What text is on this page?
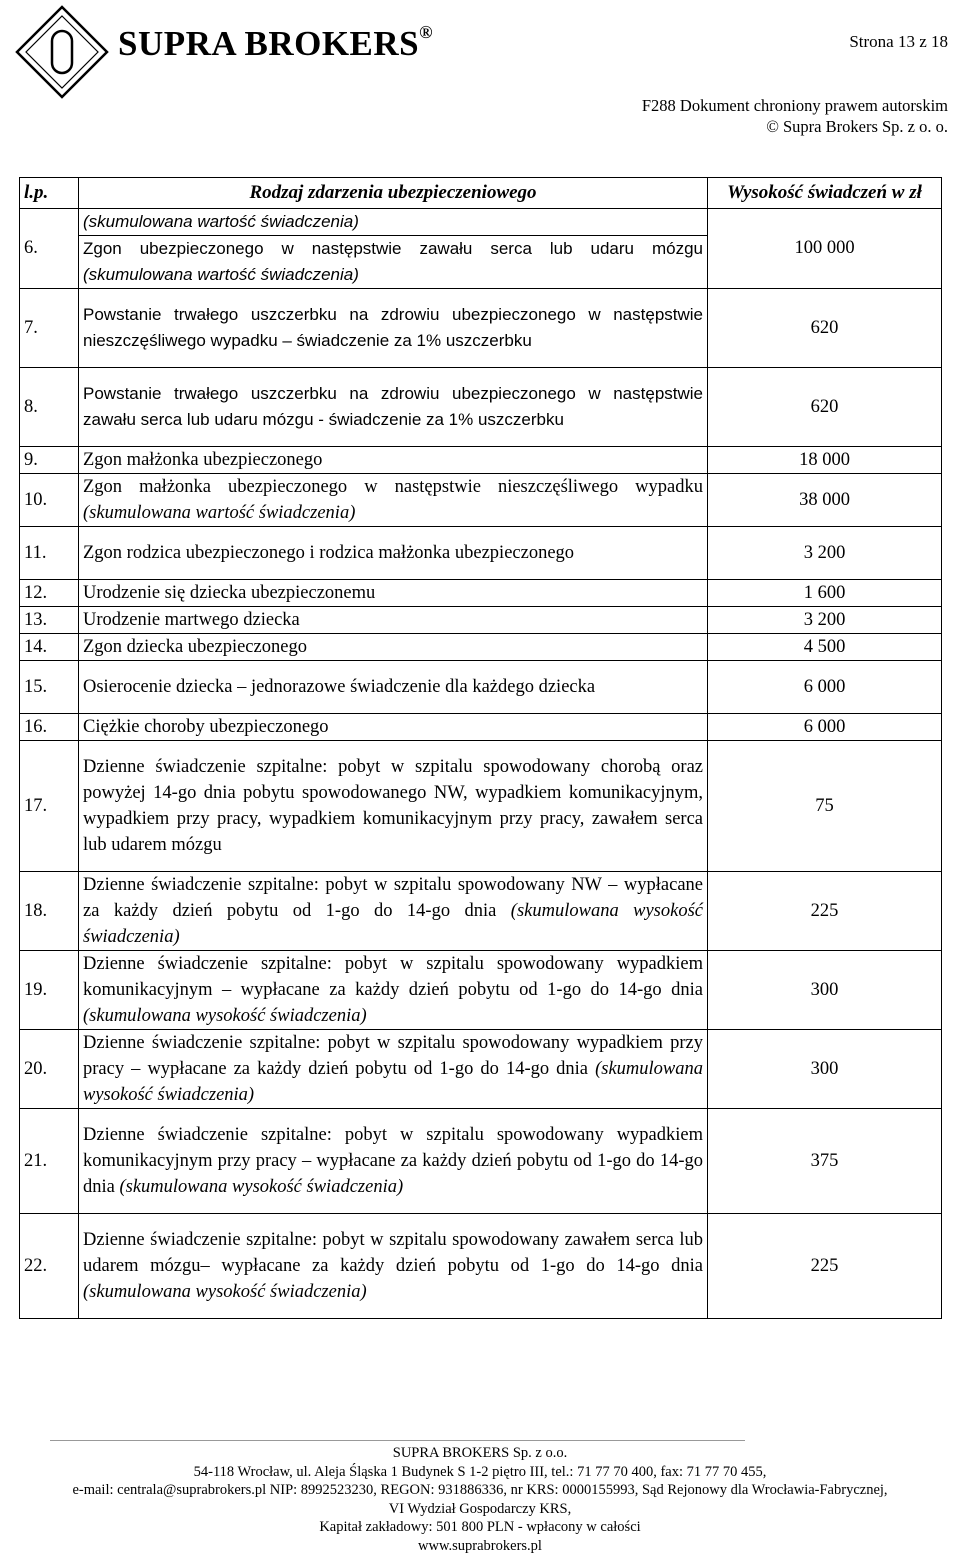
SUPRA BROKERS®	Strona 13 z 18
F288 Dokument chroniony prawem autorskim
© Supra Brokers Sp. z o. o.
l.p.	Rodzaj zdarzenia ubezpieczeniowego	Wysokość świadczeń w zł
6.	(skumulowana wartość świadczenia)	100 000
	Zgon ubezpieczonego w następstwie zawału serca lub udaru mózgu (skumulowana wartość świadczenia)	
7.	Powstanie trwałego uszczerbku na zdrowiu ubezpieczonego w następstwie nieszczęśliwego wypadku – świadczenie za 1% uszczerbku	620
8.	Powstanie trwałego uszczerbku na zdrowiu ubezpieczonego w następstwie zawału serca lub udaru mózgu - świadczenie za 1% uszczerbku	620
9.	Zgon małżonka ubezpieczonego	18 000
10.	Zgon małżonka ubezpieczonego w następstwie nieszczęśliwego wypadku (skumulowana wartość świadczenia)	38 000
11.	Zgon rodzica ubezpieczonego i rodzica małżonka ubezpieczonego	3 200
12.	Urodzenie się dziecka ubezpieczonemu	1 600
13.	Urodzenie martwego dziecka	3 200
14.	Zgon dziecka ubezpieczonego	4 500
15.	Osierocenie dziecka – jednorazowe świadczenie dla każdego dziecka	6 000
16.	Ciężkie choroby ubezpieczonego	6 000
17.	Dzienne świadczenie szpitalne: pobyt w szpitalu spowodowany chorobą oraz powyżej 14-go dnia pobytu spowodowanego NW, wypadkiem komunikacyjnym, wypadkiem przy pracy, wypadkiem komunikacyjnym przy pracy, zawałem serca lub udarem mózgu	75
18.	Dzienne świadczenie szpitalne: pobyt w szpitalu spowodowany NW – wypłacane za każdy dzień pobytu od 1-go do 14-go dnia (skumulowana wysokość świadczenia)	225
19.	Dzienne świadczenie szpitalne: pobyt w szpitalu spowodowany wypadkiem komunikacyjnym – wypłacane za każdy dzień pobytu od 1-go do 14-go dnia (skumulowana wysokość świadczenia)	300
20.	Dzienne świadczenie szpitalne: pobyt w szpitalu spowodowany wypadkiem przy pracy – wypłacane za każdy dzień pobytu od 1-go do 14-go dnia (skumulowana wysokość świadczenia)	300
21.	Dzienne świadczenie szpitalne: pobyt w szpitalu spowodowany wypadkiem komunikacyjnym przy pracy – wypłacane za każdy dzień pobytu od 1-go do 14-go dnia (skumulowana wysokość świadczenia)	375
22.	Dzienne świadczenie szpitalne: pobyt w szpitalu spowodowany zawałem serca lub udarem mózgu– wypłacane za każdy dzień pobytu od 1-go do 14-go dnia (skumulowana wysokość świadczenia)	225
SUPRA BROKERS Sp. z o.o.
54-118 Wrocław, ul. Aleja Śląska 1 Budynek S 1-2 piętro III, tel.: 71 77 70 400, fax: 71 77 70 455,
e-mail: centrala@suprabrokers.pl NIP: 8992523230, REGON: 931886336, nr KRS: 0000155993, Sąd Rejonowy dla Wrocławia-Fabrycznej,
VI Wydział Gospodarczy KRS,
Kapitał zakładowy: 501 800 PLN - wpłacony w całości
www.suprabrokers.pl
